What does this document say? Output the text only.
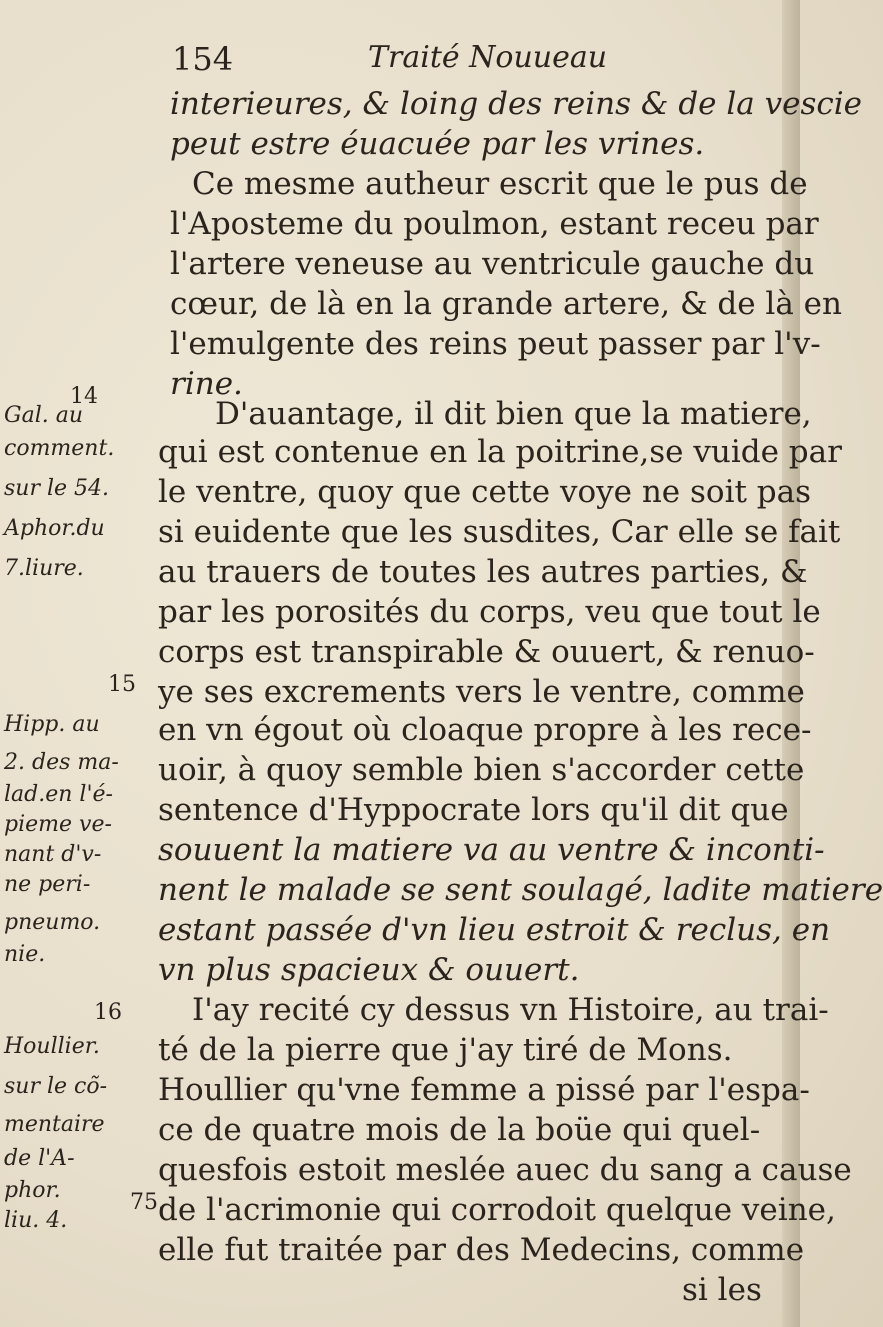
154	Traité Nouueau
interieures, & loing des reins & de la vescie
peut estre éuacuée par les vrines.
Ce mesme autheur escrit que le pus de
l'Aposteme du poulmon, estant receu par
l'artere veneuse au ventricule gauche du
cœur, de là en la grande artere, & de là en
l'emulgente des reins peut passer par l'v-
rine.
D'auantage, il dit bien que la matiere,
qui est contenue en la poitrine,se vuide par
le ventre, quoy que cette voye ne soit pas
si euidente que les susdites, Car elle se fait
au trauers de toutes les autres parties, &
par les porosités du corps, veu que tout le
corps est transpirable & ouuert, & renuo-
ye ses excrements vers le ventre, comme
en vn égout où cloaque propre à les rece-
uoir, à quoy semble bien s'accorder cette
sentence d'Hyppocrate lors qu'il dit que
souuent la matiere va au ventre & inconti-
nent le malade se sent soulagé, ladite matiere
estant passée d'vn lieu estroit & reclus, en
vn plus spacieux & ouuert.
I'ay recité cy dessus vn Histoire, au trai-
té de la pierre que j'ay tiré de Mons.
Houllier qu'vne femme a pissé par l'espa-
ce de quatre mois de la boüe qui quel-
quesfois estoit meslée auec du sang a cause
de l'acrimonie qui corrodoit quelque veine,
elle fut traitée par des Medecins, comme
si les
14
Gal. au
comment.
sur le 54.
Aphor.du
7.liure.
15
Hipp. au
2. des ma-
lad.en l'é-
pieme ve-
nant d'v-
ne peri-
pneumo.
nie.
16
Houllier.
sur le cõ-
mentaire
de l'A-
phor.	75.
liu. 4.
